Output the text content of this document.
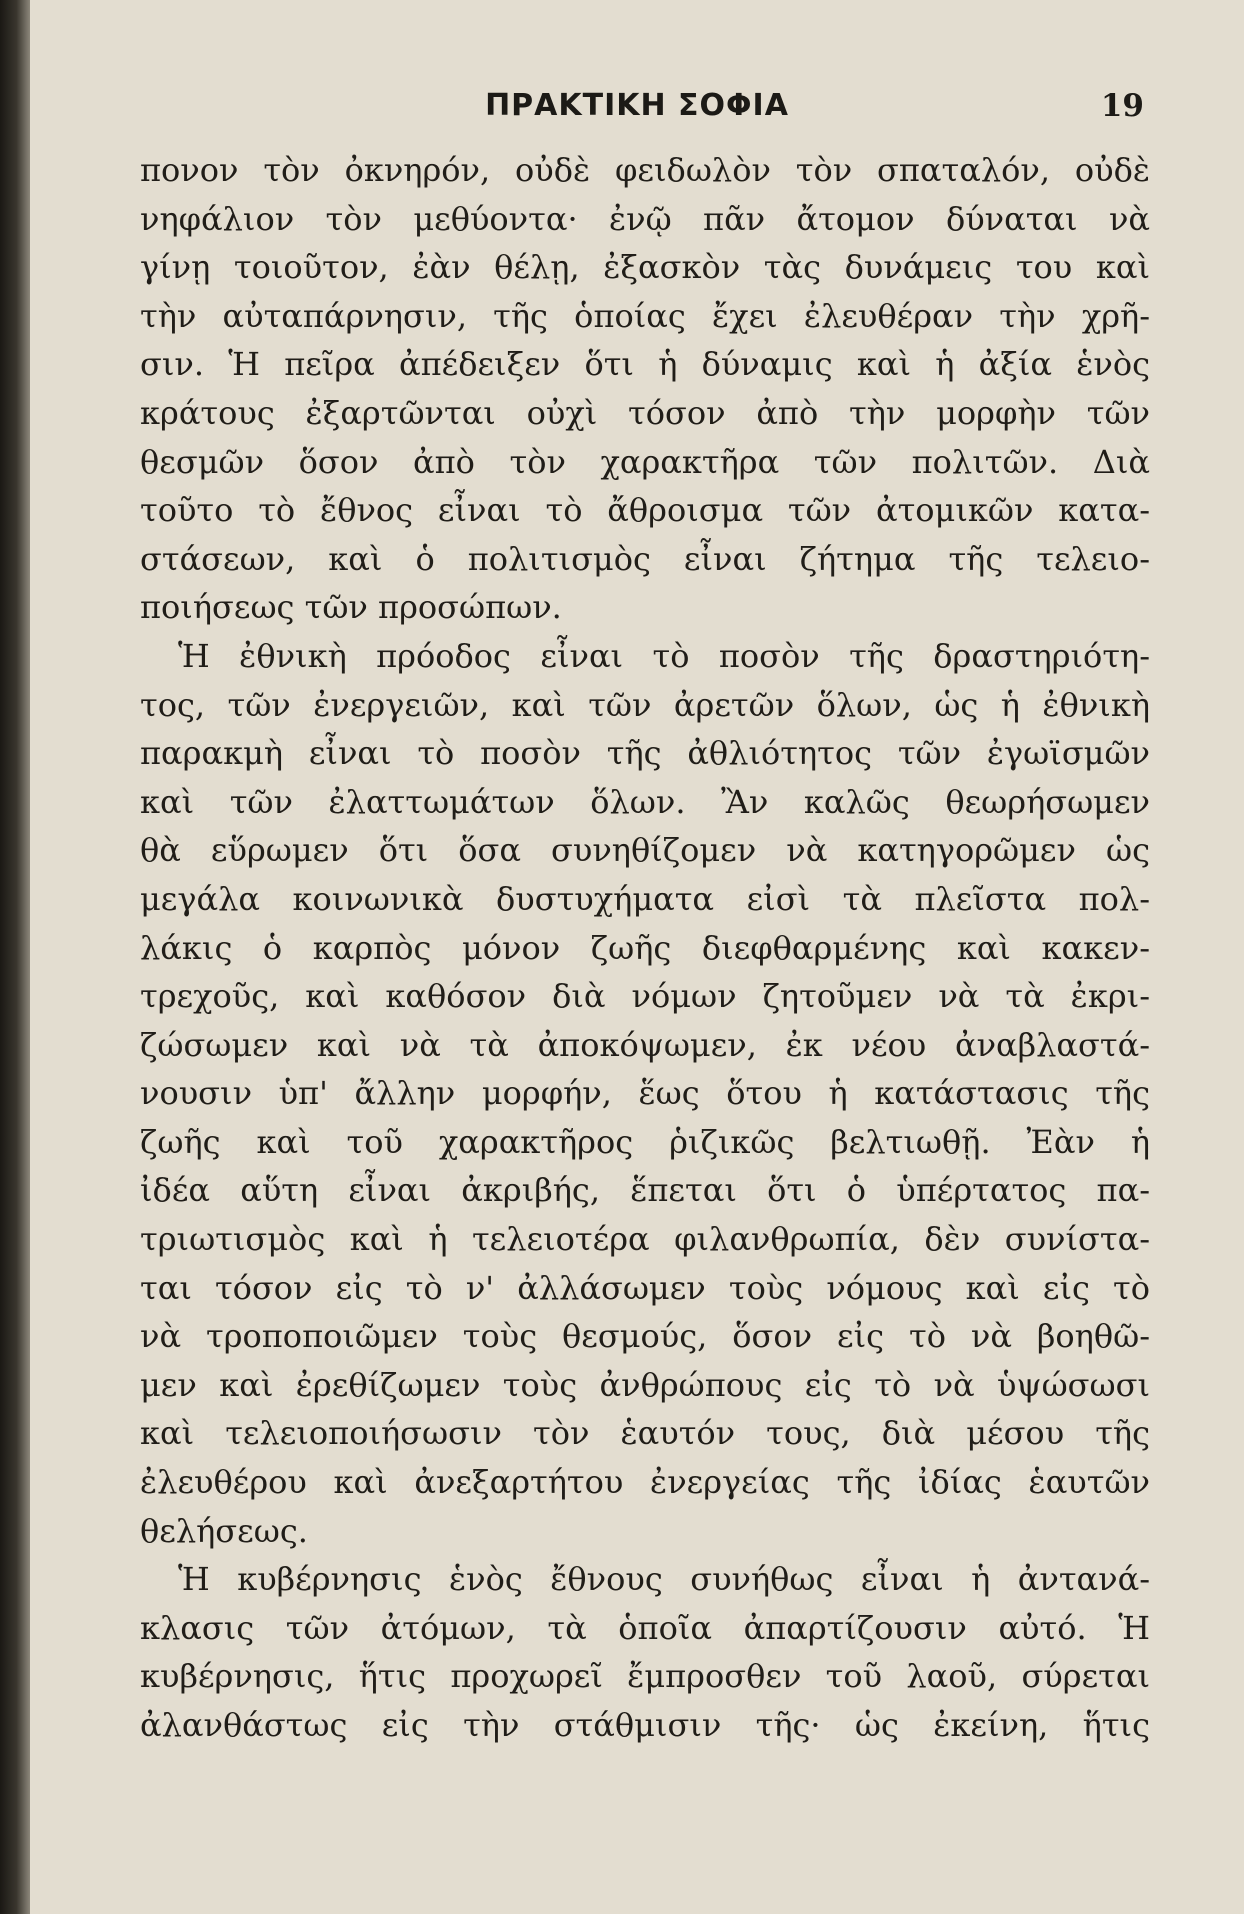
ΠΡΑΚΤΙΚΗ ΣΟΦΙΑ	19
πονον τὸν ὀκνηρόν, οὐδὲ φειδωλὸν τὸν σπαταλόν, οὐδὲ
νηφάλιον τὸν μεθύοντα· ἐνῷ πᾶν ἄτομον δύναται νὰ
γίνῃ τοιοῦτον, ἐὰν θέλῃ, ἐξασκὸν τὰς δυνάμεις του καὶ
τὴν αὐταπάρνησιν, τῆς ὁποίας ἔχει ἐλευθέραν τὴν χρῆ-
σιν. Ἡ πεῖρα ἀπέδειξεν ὅτι ἡ δύναμις καὶ ἡ ἀξία ἑνὸς
κράτους ἐξαρτῶνται οὐχὶ τόσον ἀπὸ τὴν μορφὴν τῶν
θεσμῶν ὅσον ἀπὸ τὸν χαρακτῆρα τῶν πολιτῶν. Διὰ
τοῦτο τὸ ἔθνος εἶναι τὸ ἄθροισμα τῶν ἀτομικῶν κατα-
στάσεων, καὶ ὁ πολιτισμὸς εἶναι ζήτημα τῆς τελειο-
ποιήσεως τῶν προσώπων.
Ἡ ἐθνικὴ πρόοδος εἶναι τὸ ποσὸν τῆς δραστηριότη-
τος, τῶν ἐνεργειῶν, καὶ τῶν ἀρετῶν ὅλων, ὡς ἡ ἐθνικὴ
παρακμὴ εἶναι τὸ ποσὸν τῆς ἀθλιότητος τῶν ἐγωϊσμῶν
καὶ τῶν ἐλαττωμάτων ὅλων. Ἂν καλῶς θεωρήσωμεν
θὰ εὕρωμεν ὅτι ὅσα συνηθίζομεν νὰ κατηγορῶμεν ὡς
μεγάλα κοινωνικὰ δυστυχήματα εἰσὶ τὰ πλεῖστα πολ-
λάκις ὁ καρπὸς μόνον ζωῆς διεφθαρμένης καὶ κακεν-
τρεχοῦς, καὶ καθόσον διὰ νόμων ζητοῦμεν νὰ τὰ ἐκρι-
ζώσωμεν καὶ νὰ τὰ ἀποκόψωμεν, ἐκ νέου ἀναβλαστά-
νουσιν ὑπ' ἄλλην μορφήν, ἕως ὅτου ἡ κατάστασις τῆς
ζωῆς καὶ τοῦ χαρακτῆρος ῥιζικῶς βελτιωθῇ. Ἐὰν ἡ
ἰδέα αὕτη εἶναι ἀκριβής, ἕπεται ὅτι ὁ ὑπέρτατος πα-
τριωτισμὸς καὶ ἡ τελειοτέρα φιλανθρωπία, δὲν συνίστα-
ται τόσον εἰς τὸ ν' ἀλλάσωμεν τοὺς νόμους καὶ εἰς τὸ
νὰ τροποποιῶμεν τοὺς θεσμούς, ὅσον εἰς τὸ νὰ βοηθῶ-
μεν καὶ ἐρεθίζωμεν τοὺς ἀνθρώπους εἰς τὸ νὰ ὑψώσωσι
καὶ τελειοποιήσωσιν τὸν ἑαυτόν τους, διὰ μέσου τῆς
ἐλευθέρου καὶ ἀνεξαρτήτου ἐνεργείας τῆς ἰδίας ἑαυτῶν
θελήσεως.
Ἡ κυβέρνησις ἑνὸς ἔθνους συνήθως εἶναι ἡ ἀντανά-
κλασις τῶν ἀτόμων, τὰ ὁποῖα ἀπαρτίζουσιν αὐτό. Ἡ
κυβέρνησις, ἥτις προχωρεῖ ἔμπροσθεν τοῦ λαοῦ, σύρεται
ἀλανθάστως εἰς τὴν στάθμισιν τῆς· ὡς ἐκείνη, ἥτις
